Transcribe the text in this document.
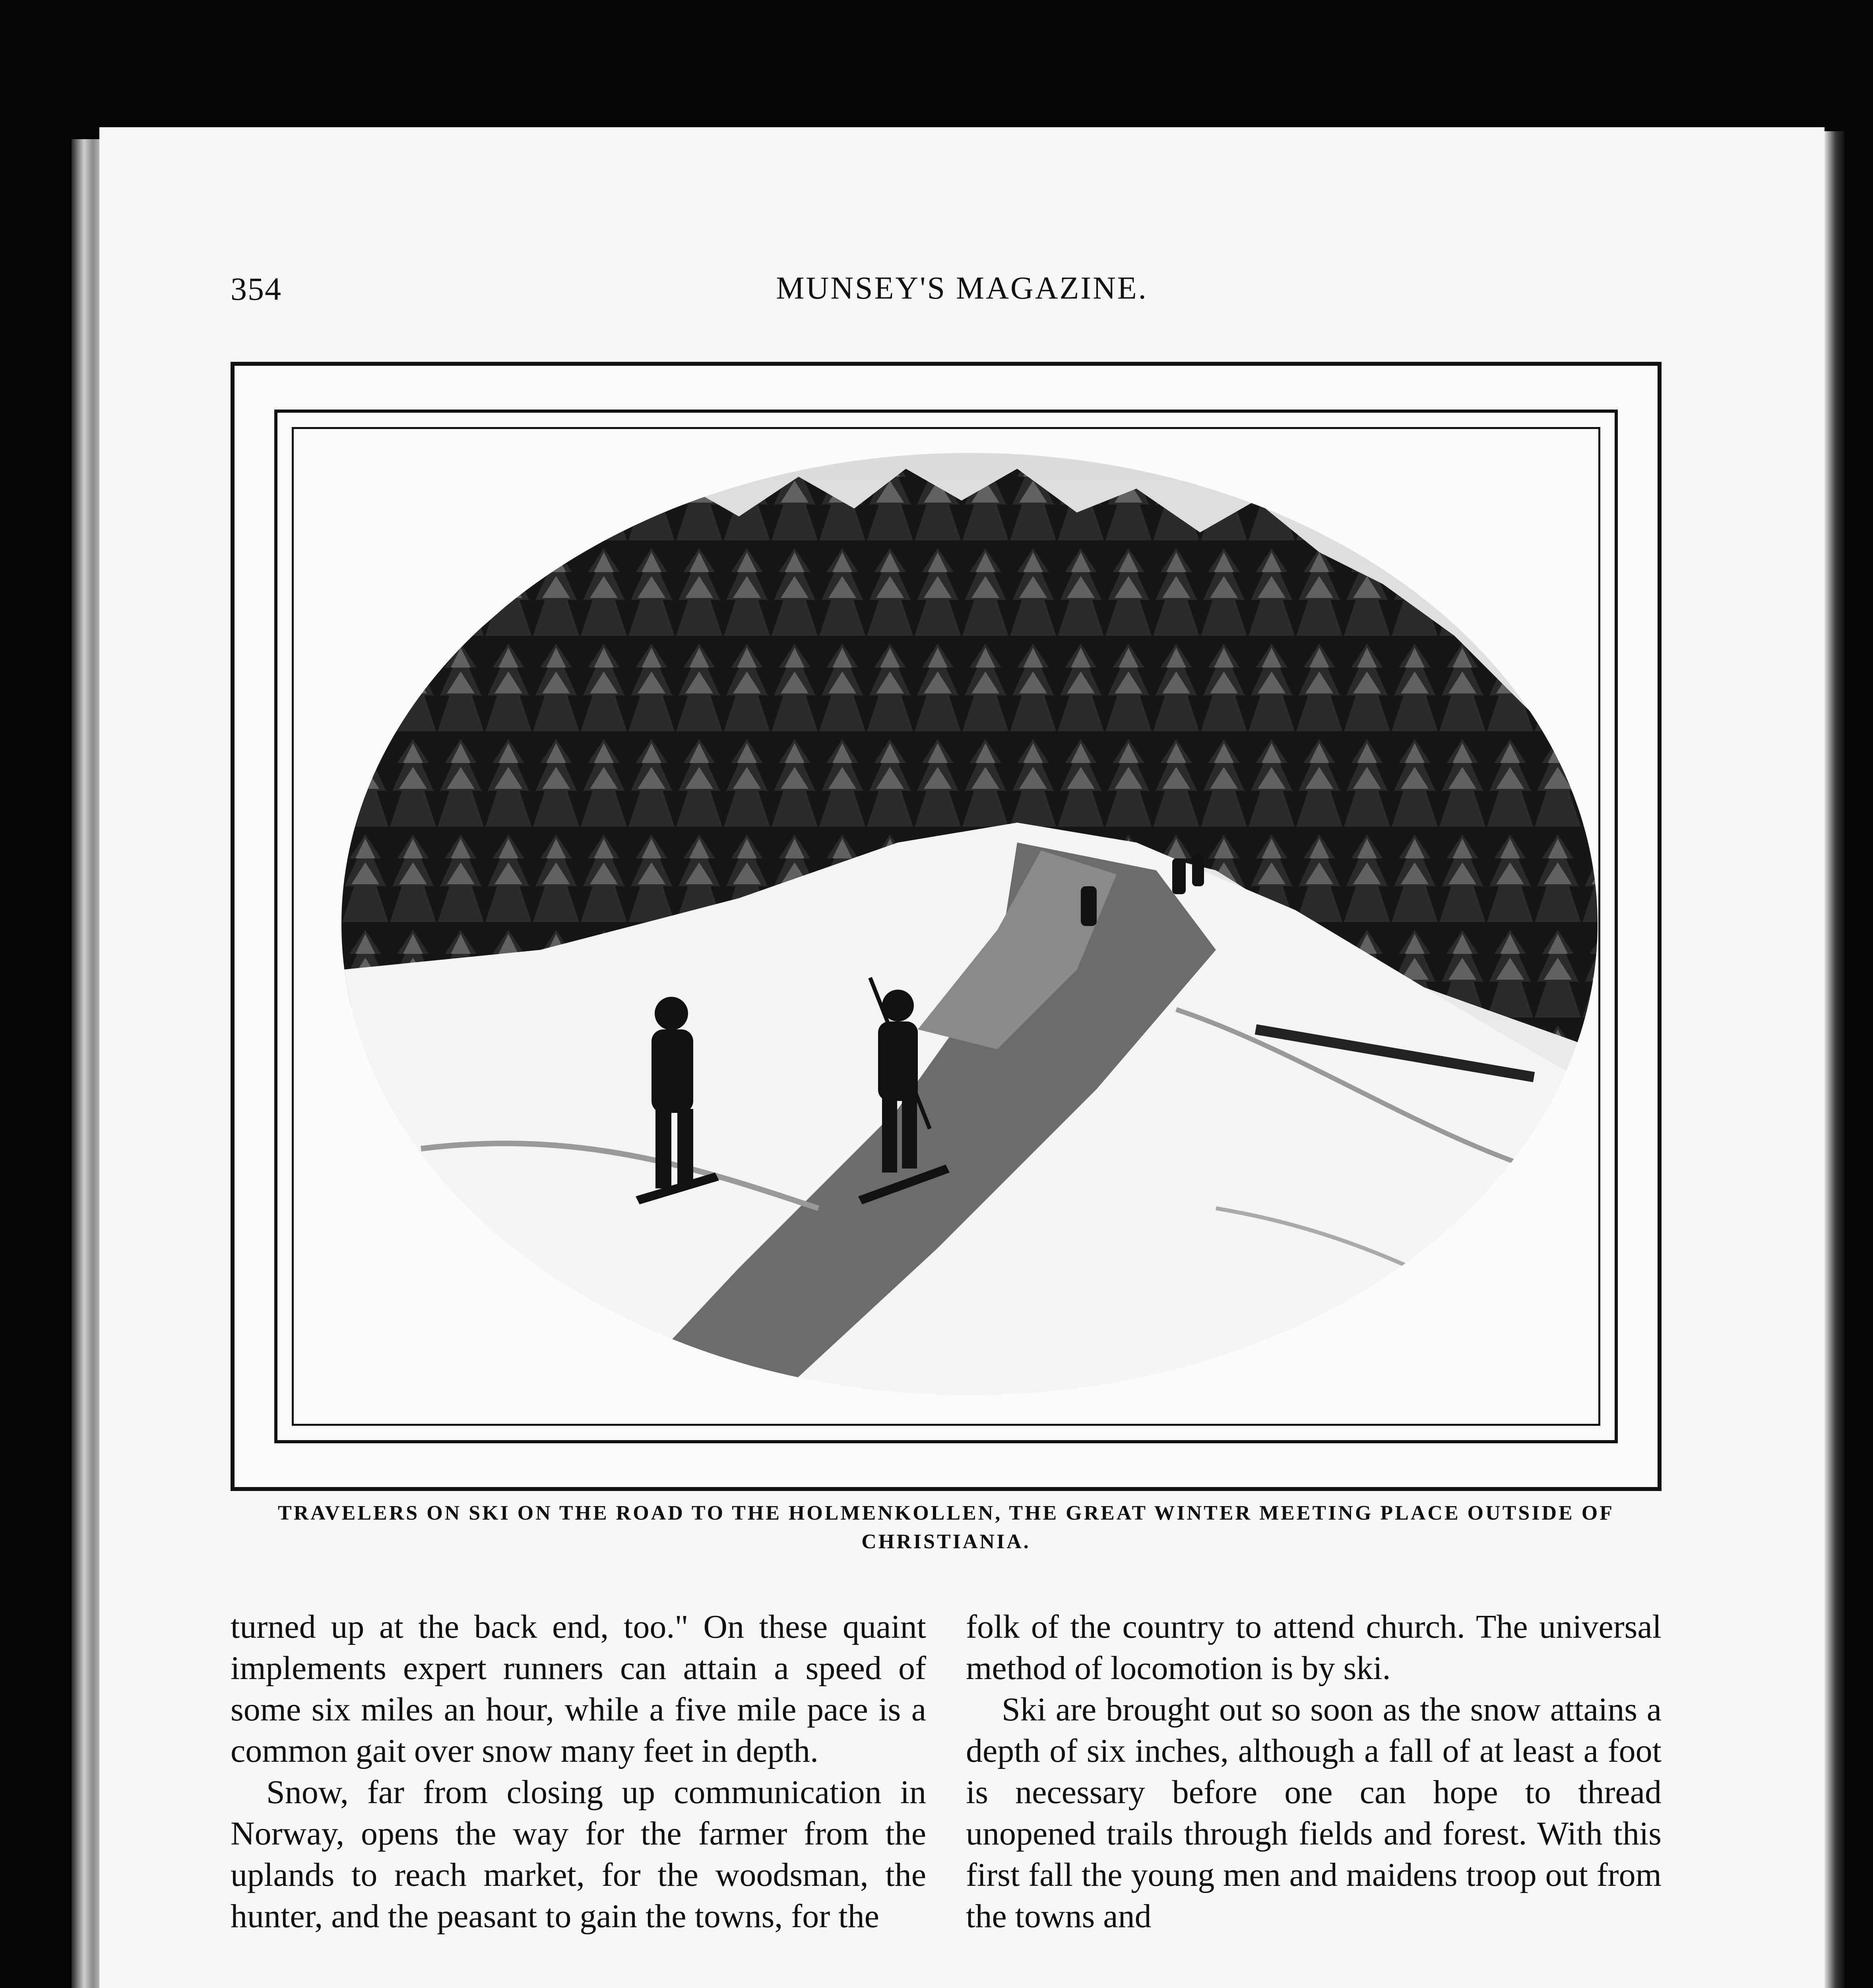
354	MUNSEY'S MAGAZINE.
TRAVELERS ON SKI ON THE ROAD TO THE HOLMENKOLLEN, THE GREAT WINTER MEETING PLACE OUTSIDE OF CHRISTIANIA.

turned up at the back end, too." On these quaint implements expert runners can attain a speed of some six miles an hour, while a five mile pace is a common gait over snow many feet in depth.

Snow, far from closing up communication in Norway, opens the way for the farmer from the uplands to reach market, for the woodsman, the hunter, and the peasant to gain the towns, for the

folk of the country to attend church. The universal method of locomotion is by ski.

Ski are brought out so soon as the snow attains a depth of six inches, although a fall of at least a foot is necessary before one can hope to thread unopened trails through fields and forest. With this first fall the young men and maidens troop out from the towns and
